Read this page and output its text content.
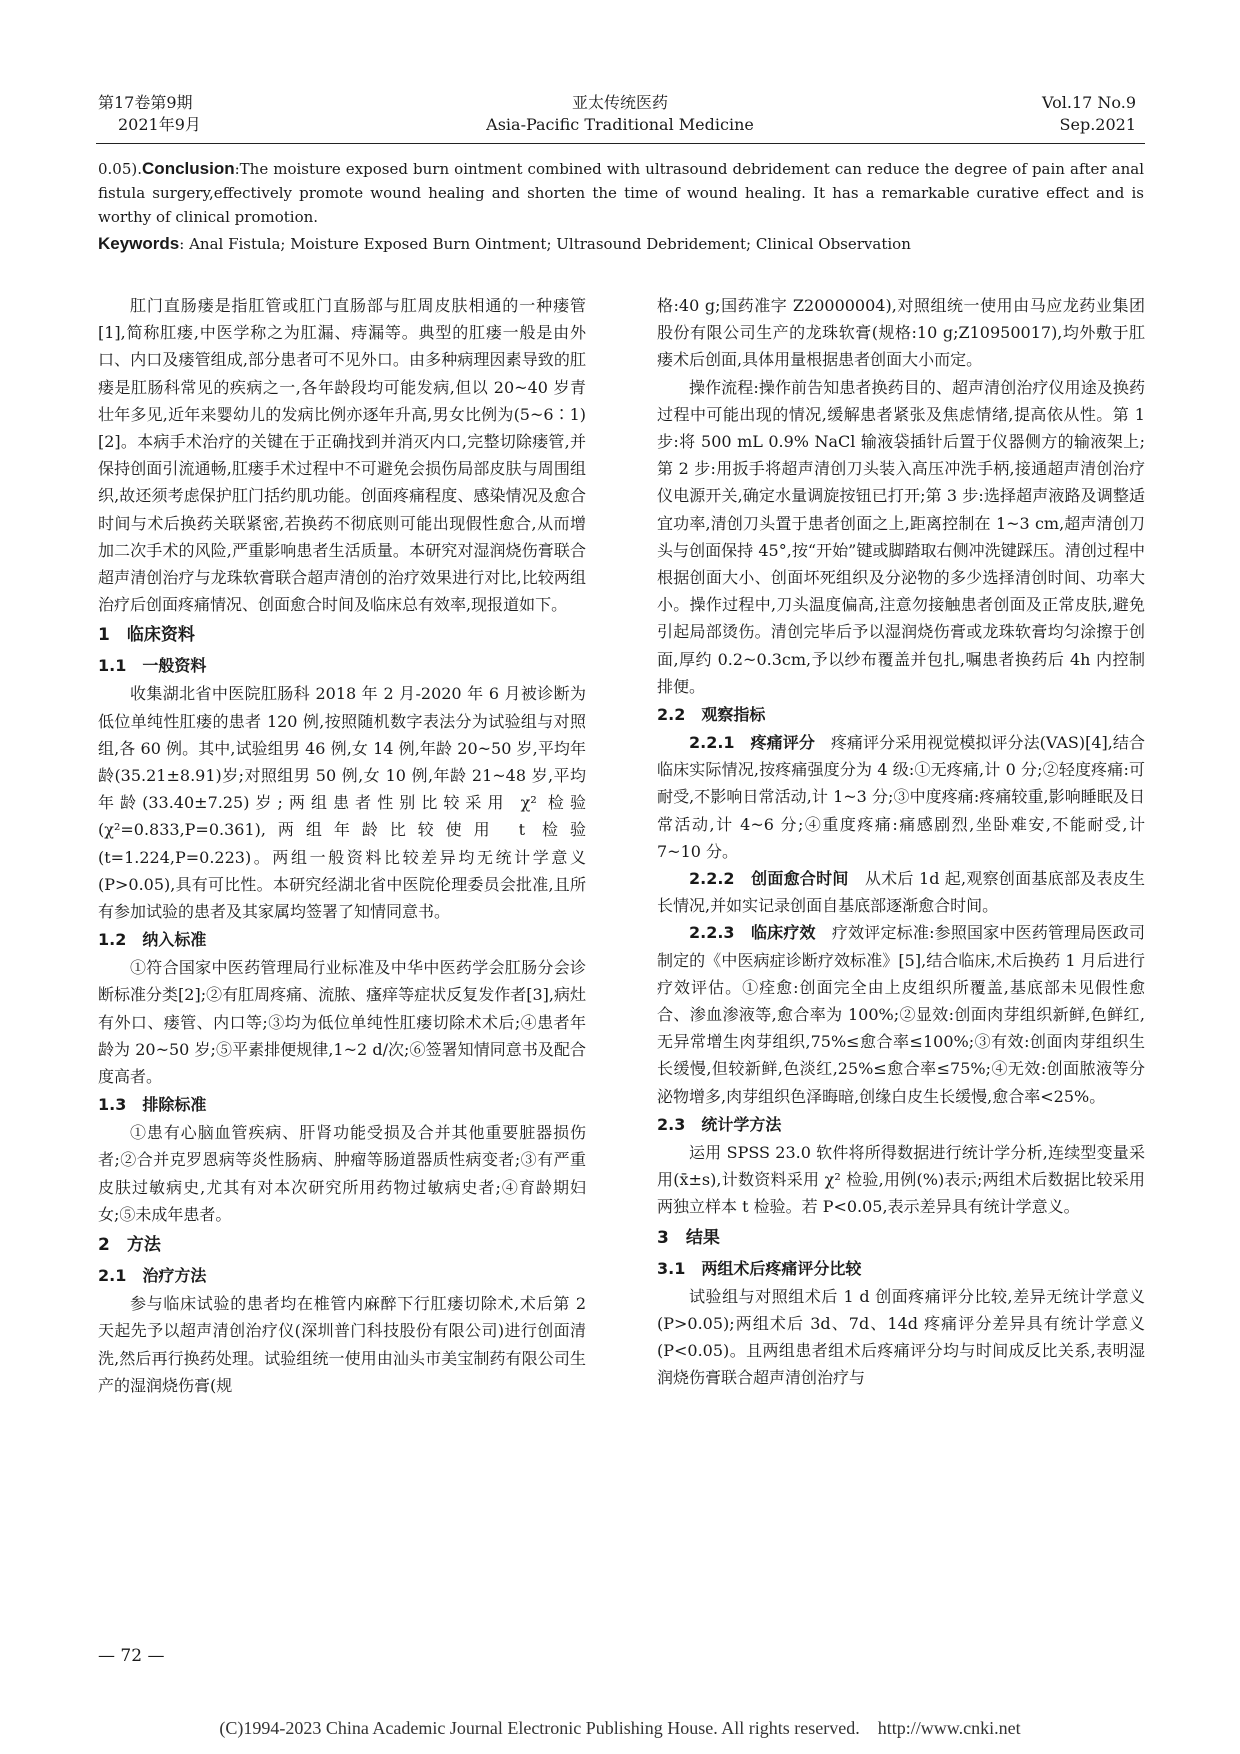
第17卷第9期
2021年9月
亚太传统医药
Asia-Pacific Traditional Medicine
Vol.17 No.9
Sep.2021
0.05).Conclusion:The moisture exposed burn ointment combined with ultrasound debridement can reduce the degree of pain after anal fistula surgery,effectively promote wound healing and shorten the time of wound healing. It has a remarkable curative effect and is worthy of clinical promotion.
Keywords: Anal Fistula; Moisture Exposed Burn Ointment; Ultrasound Debridement; Clinical Observation

肛门直肠瘘是指肛管或肛门直肠部与肛周皮肤相通的一种瘘管[1],简称肛瘘,中医学称之为肛漏、痔漏等。典型的肛瘘一般是由外口、内口及瘘管组成,部分患者可不见外口。由多种病理因素导致的肛瘘是肛肠科常见的疾病之一,各年龄段均可能发病,但以 20~40 岁青壮年多见,近年来婴幼儿的发病比例亦逐年升高,男女比例为(5~6∶1)[2]。本病手术治疗的关键在于正确找到并消灭内口,完整切除瘘管,并保持创面引流通畅,肛瘘手术过程中不可避免会损伤局部皮肤与周围组织,故还须考虑保护肛门括约肌功能。创面疼痛程度、感染情况及愈合时间与术后换药关联紧密,若换药不彻底则可能出现假性愈合,从而增加二次手术的风险,严重影响患者生活质量。本研究对湿润烧伤膏联合超声清创治疗与龙珠软膏联合超声清创的治疗效果进行对比,比较两组治疗后创面疼痛情况、创面愈合时间及临床总有效率,现报道如下。

1　临床资料
1.1　一般资料

收集湖北省中医院肛肠科 2018 年 2 月-2020 年 6 月被诊断为低位单纯性肛瘘的患者 120 例,按照随机数字表法分为试验组与对照组,各 60 例。其中,试验组男 46 例,女 14 例,年龄 20~50 岁,平均年龄(35.21±8.91)岁;对照组男 50 例,女 10 例,年龄 21~48 岁,平均年龄(33.40±7.25)岁;两组患者性别比较采用 χ² 检验(χ²=0.833,P=0.361),两组年龄比较使用 t 检验(t=1.224,P=0.223)。两组一般资料比较差异均无统计学意义(P>0.05),具有可比性。本研究经湖北省中医院伦理委员会批准,且所有参加试验的患者及其家属均签署了知情同意书。

1.2　纳入标准

①符合国家中医药管理局行业标准及中华中医药学会肛肠分会诊断标准分类[2];②有肛周疼痛、流脓、瘙痒等症状反复发作者[3],病灶有外口、瘘管、内口等;③均为低位单纯性肛瘘切除术术后;④患者年龄为 20~50 岁;⑤平素排便规律,1~2 d/次;⑥签署知情同意书及配合度高者。

1.3　排除标准

①患有心脑血管疾病、肝肾功能受损及合并其他重要脏器损伤者;②合并克罗恩病等炎性肠病、肿瘤等肠道器质性病变者;③有严重皮肤过敏病史,尤其有对本次研究所用药物过敏病史者;④育龄期妇女;⑤未成年患者。

2　方法
2.1　治疗方法

参与临床试验的患者均在椎管内麻醉下行肛瘘切除术,术后第 2 天起先予以超声清创治疗仪(深圳普门科技股份有限公司)进行创面清洗,然后再行换药处理。试验组统一使用由汕头市美宝制药有限公司生产的湿润烧伤膏(规

格:40 g;国药准字 Z20000004),对照组统一使用由马应龙药业集团股份有限公司生产的龙珠软膏(规格:10 g;Z10950017),均外敷于肛瘘术后创面,具体用量根据患者创面大小而定。

操作流程:操作前告知患者换药目的、超声清创治疗仪用途及换药过程中可能出现的情况,缓解患者紧张及焦虑情绪,提高依从性。第 1 步:将 500 mL 0.9% NaCl 输液袋插针后置于仪器侧方的输液架上;第 2 步:用扳手将超声清创刀头装入高压冲洗手柄,接通超声清创治疗仪电源开关,确定水量调旋按钮已打开;第 3 步:选择超声液路及调整适宜功率,清创刀头置于患者创面之上,距离控制在 1~3 cm,超声清创刀头与创面保持 45°,按“开始”键或脚踏取右侧冲洗键踩压。清创过程中根据创面大小、创面坏死组织及分泌物的多少选择清创时间、功率大小。操作过程中,刀头温度偏高,注意勿接触患者创面及正常皮肤,避免引起局部烫伤。清创完毕后予以湿润烧伤膏或龙珠软膏均匀涂擦于创面,厚约 0.2~0.3cm,予以纱布覆盖并包扎,嘱患者换药后 4h 内控制排便。

2.2　观察指标

2.2.1　疼痛评分　疼痛评分采用视觉模拟评分法(VAS)[4],结合临床实际情况,按疼痛强度分为 4 级:①无疼痛,计 0 分;②轻度疼痛:可耐受,不影响日常活动,计 1~3 分;③中度疼痛:疼痛较重,影响睡眠及日常活动,计 4~6 分;④重度疼痛:痛感剧烈,坐卧难安,不能耐受,计 7~10 分。

2.2.2　创面愈合时间　从术后 1d 起,观察创面基底部及表皮生长情况,并如实记录创面自基底部逐渐愈合时间。

2.2.3　临床疗效　疗效评定标准:参照国家中医药管理局医政司制定的《中医病症诊断疗效标准》[5],结合临床,术后换药 1 月后进行疗效评估。①痊愈:创面完全由上皮组织所覆盖,基底部未见假性愈合、渗血渗液等,愈合率为 100%;②显效:创面肉芽组织新鲜,色鲜红,无异常增生肉芽组织,75%≤愈合率≤100%;③有效:创面肉芽组织生长缓慢,但较新鲜,色淡红,25%≤愈合率≤75%;④无效:创面脓液等分泌物增多,肉芽组织色泽晦暗,创缘白皮生长缓慢,愈合率<25%。

2.3　统计学方法

运用 SPSS 23.0 软件将所得数据进行统计学分析,连续型变量采用(x̄±s),计数资料采用 χ² 检验,用例(%)表示;两组术后数据比较采用两独立样本 t 检验。若 P<0.05,表示差异具有统计学意义。

3　结果
3.1　两组术后疼痛评分比较

试验组与对照组术后 1 d 创面疼痛评分比较,差异无统计学意义(P>0.05);两组术后 3d、7d、14d 疼痛评分差异具有统计学意义(P<0.05)。且两组患者组术后疼痛评分均与时间成反比关系,表明湿润烧伤膏联合超声清创治疗与

— 72 —
(C)1994-2023 China Academic Journal Electronic Publishing House. All rights reserved.　http://www.cnki.net
